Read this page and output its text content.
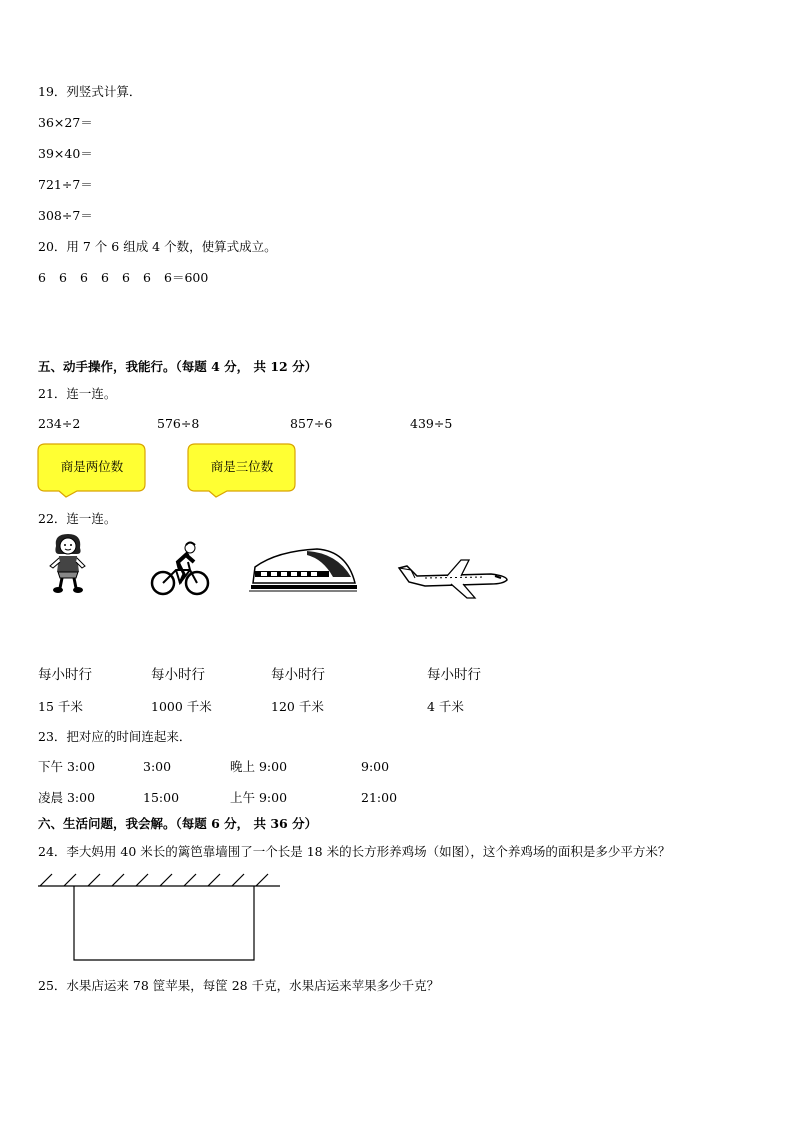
19．列竖式计算．
36×27＝
39×40＝
721÷7＝
308÷7＝
20．用 7 个 6 组成 4 个数，使算式成立。
6 6 6 6 6 6 6＝600
五、动手操作，我能行。（每题 4 分， 共 12 分）
21．连一连。
234÷2	576÷8	857÷6	439÷5
商是两位数	商是三位数
22．连一连。
每小时行	每小时行	每小时行	每小时行
15 千米	1000 千米	120 千米	4 千米
23．把对应的时间连起来．
下午 3:00	3:00	晚上 9:00	9:00
凌晨 3:00	15:00	上午 9:00	21:00
六、生活问题，我会解。（每题 6 分， 共 36 分）
24．李大妈用 40 米长的篱笆靠墙围了一个长是 18 米的长方形养鸡场（如图），这个养鸡场的面积是多少平方米？
25．水果店运来 78 筐苹果，每筐 28 千克，水果店运来苹果多少千克？
